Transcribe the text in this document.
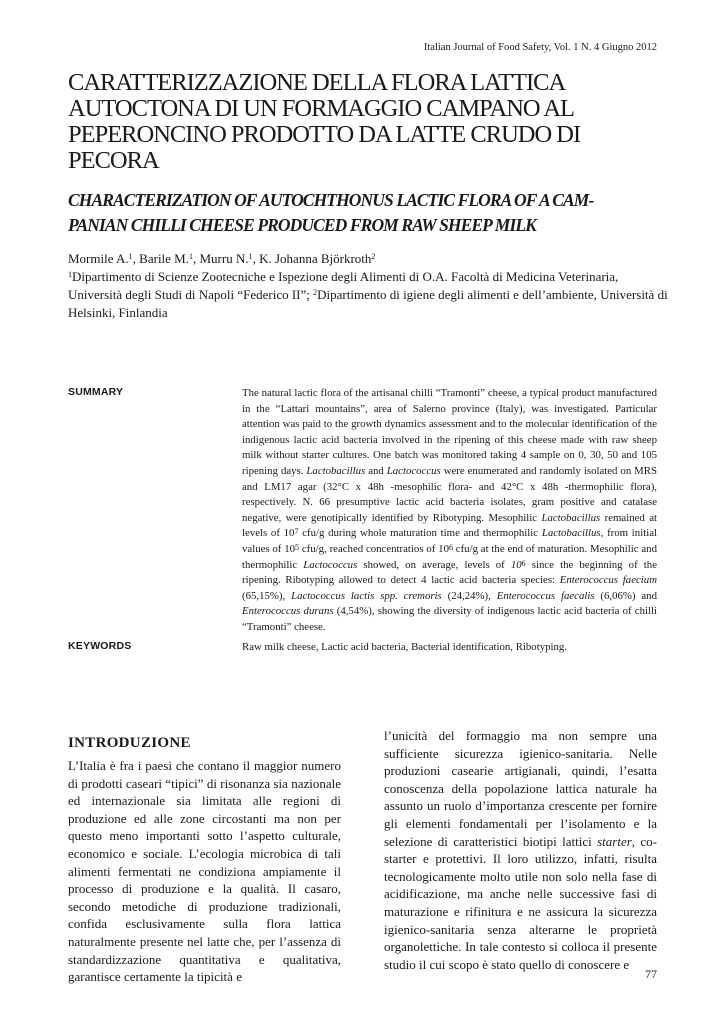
Italian Journal of Food Safety, Vol. 1 N. 4 Giugno 2012
CARATTERIZZAZIONE DELLA FLORA LATTICA AUTOCTONA DI UN FORMAGGIO CAMPANO AL PEPERONCINO PRODOTTO DA LATTE CRUDO DI PECORA
CHARACTERIZATION OF AUTOCHTHONUS LACTIC FLORA OF A CAM-
PANIAN CHILLI CHEESE PRODUCED FROM RAW SHEEP MILK
Mormile A.$^1$, Barile M.$^1$, Murru N.$^1$, K. Johanna Björkroth$^2$
$^1$Dipartimento di Scienze Zootecniche e Ispezione degli Alimenti di O.A. Facoltà di Medicina Veterinaria, Università degli Studi di Napoli “Federico II”; $^2$Dipartimento di igiene degli alimenti e dell’ambiente, Università di Helsinki, Finlandia
SUMMARY	The natural lactic flora of the artisanal chilli “Tramonti” cheese, a typical product manufactured in the “Lattari mountains”, area of Salerno province (Italy), was investigated. Particular attention was paid to the growth dynamics assessment and to the molecular identification of the indigenous lactic acid bacteria involved in the ripening of this cheese made with raw sheep milk without starter cultures. One batch was monitored taking 4 sample on 0, 30, 50 and 105 ripening days. Lactobacillus and Lactococcus were enumerated and randomly isolated on MRS and LM17 agar (32°C x 48h -mesophilic flora- and 42°C x 48h -thermophilic flora), respectively. N. 66 presumptive lactic acid bacteria isolates, gram positive and catalase negative, were genotipically identified by Ribotyping. Mesophilic Lactobacillus remained at levels of $10^7$ cfu/g during whole maturation time and thermophilic Lactobacillus, from initial values of $10^5$ cfu/g, reached concentratios of $10^6$ cfu/g at the end of maturation. Mesophilic and thermophilic Lactococcus showed, on average, levels of $10^6$ since the beginning of the ripening. Ribotyping allowed to detect 4 lactic acid bacteria species: Enterococcus faecium (65,15%), Lactococcus lactis spp. cremoris (24,24%), Enterococcus faecalis (6,06%) and Enterococcus durans (4,54%), showing the diversity of indigenous lactic acid bacteria of chilli “Tramonti” cheese.
KEYWORDS	Raw milk cheese, Lactic acid bacteria, Bacterial identification, Ribotyping.
INTRODUZIONE
L’Italia è fra i paesi che contano il maggior numero di prodotti caseari “tipici” di risonanza sia nazionale ed internazionale sia limitata alle regioni di produzione ed alle zone circostanti ma non per questo meno importanti sotto l’aspetto culturale, economico e sociale. L’ecologia microbica di tali alimenti fermentati ne condiziona ampiamente il processo di produzione e la qualità. Il casaro, secondo metodiche di produzione tradizionali, confida esclusivamente sulla flora lattica naturalmente presente nel latte che, per l’assenza di standardizzazione quantitativa e qualitativa, garantisce certamente la tipicità e
l’unicità del formaggio ma non sempre una sufficiente sicurezza igienico-sanitaria. Nelle produzioni casearie artigianali, quindi, l’esatta conoscenza della popolazione lattica naturale ha assunto un ruolo d’importanza crescente per fornire gli elementi fondamentali per l’isolamento e la selezione di caratteristici biotipi lattici starter, co-starter e protettivi. Il loro utilizzo, infatti, risulta tecnologicamente molto utile non solo nella fase di acidificazione, ma anche nelle successive fasi di maturazione e rifinitura e ne assicura la sicurezza igienico-sanitaria senza alterarne le proprietà organolettiche. In tale contesto si colloca il presente studio il cui scopo è stato quello di conoscere e
77
